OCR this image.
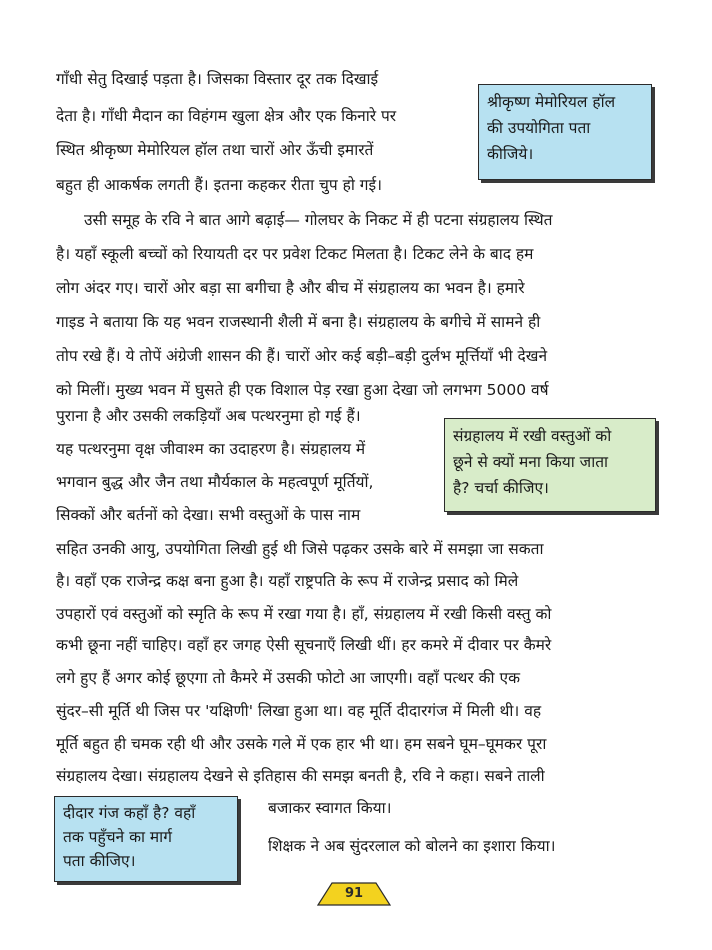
गाँधी सेतु दिखाई पड़ता है। जिसका विस्तार दूर तक दिखाई
देता है। गाँधी मैदान का विहंगम खुला क्षेत्र और एक किनारे पर
स्थित श्रीकृष्ण मेमोरियल हॉल तथा चारों ओर ऊँची इमारतें
बहुत ही आकर्षक लगती हैं। इतना कहकर रीता चुप हो गई।
उसी समूह के रवि ने बात आगे बढ़ाई— गोलघर के निकट में ही पटना संग्रहालय स्थित
है। यहाँ स्कूली बच्चों को रियायती दर पर प्रवेश टिकट मिलता है। टिकट लेने के बाद हम
लोग अंदर गए। चारों ओर बड़ा सा बगीचा है और बीच में संग्रहालय का भवन है। हमारे
गाइड ने बताया कि यह भवन राजस्थानी शैली में बना है। संग्रहालय के बगीचे में सामने ही
तोप रखे हैं। ये तोपें अंग्रेजी शासन की हैं। चारों ओर कई बड़ी–बड़ी दुर्लभ मूर्त्तियाँ भी देखने
को मिलीं। मुख्य भवन में घुसते ही एक विशाल पेड़ रखा हुआ देखा जो लगभग 5000 वर्ष
पुराना है और उसकी लकड़ियाँ अब पत्थरनुमा हो गई हैं।
यह पत्थरनुमा वृक्ष जीवाश्म का उदाहरण है। संग्रहालय में
भगवान बुद्ध और जैन तथा मौर्यकाल के महत्वपूर्ण मूर्तियों,
सिक्कों और बर्तनों को देखा। सभी वस्तुओं के पास नाम
सहित उनकी आयु, उपयोगिता लिखी हुई थी जिसे पढ़कर उसके बारे में समझा जा सकता
है। वहाँ एक राजेन्द्र कक्ष बना हुआ है। यहाँ राष्ट्रपति के रूप में राजेन्द्र प्रसाद को मिले
उपहारों एवं वस्तुओं को स्मृति के रूप में रखा गया है। हाँ, संग्रहालय में रखी किसी वस्तु को
कभी छूना नहीं चाहिए। वहाँ हर जगह ऐसी सूचनाएँ लिखी थीं। हर कमरे में दीवार पर कैमरे
लगे हुए हैं अगर कोई छूएगा तो कैमरे में उसकी फोटो आ जाएगी। वहाँ पत्थर की एक
सुंदर–सी मूर्ति थी जिस पर 'यक्षिणी' लिखा हुआ था। वह मूर्ति दीदारगंज में मिली थी। वह
मूर्ति बहुत ही चमक रही थी और उसके गले में एक हार भी था। हम सबने घूम–घूमकर पूरा
संग्रहालय देखा। संग्रहालय देखने से इतिहास की समझ बनती है, रवि ने कहा। सबने ताली
बजाकर स्वागत किया।
शिक्षक ने अब सुंदरलाल को बोलने का इशारा किया।
श्रीकृष्ण मेमोरियल हॉल
की उपयोगिता पता
कीजिये।
संग्रहालय में रखी वस्तुओं को
छूने से क्यों मना किया जाता
है? चर्चा कीजिए।
दीदार गंज कहाँ है? वहाँ
तक पहुँचने का मार्ग
पता कीजिए।
91
